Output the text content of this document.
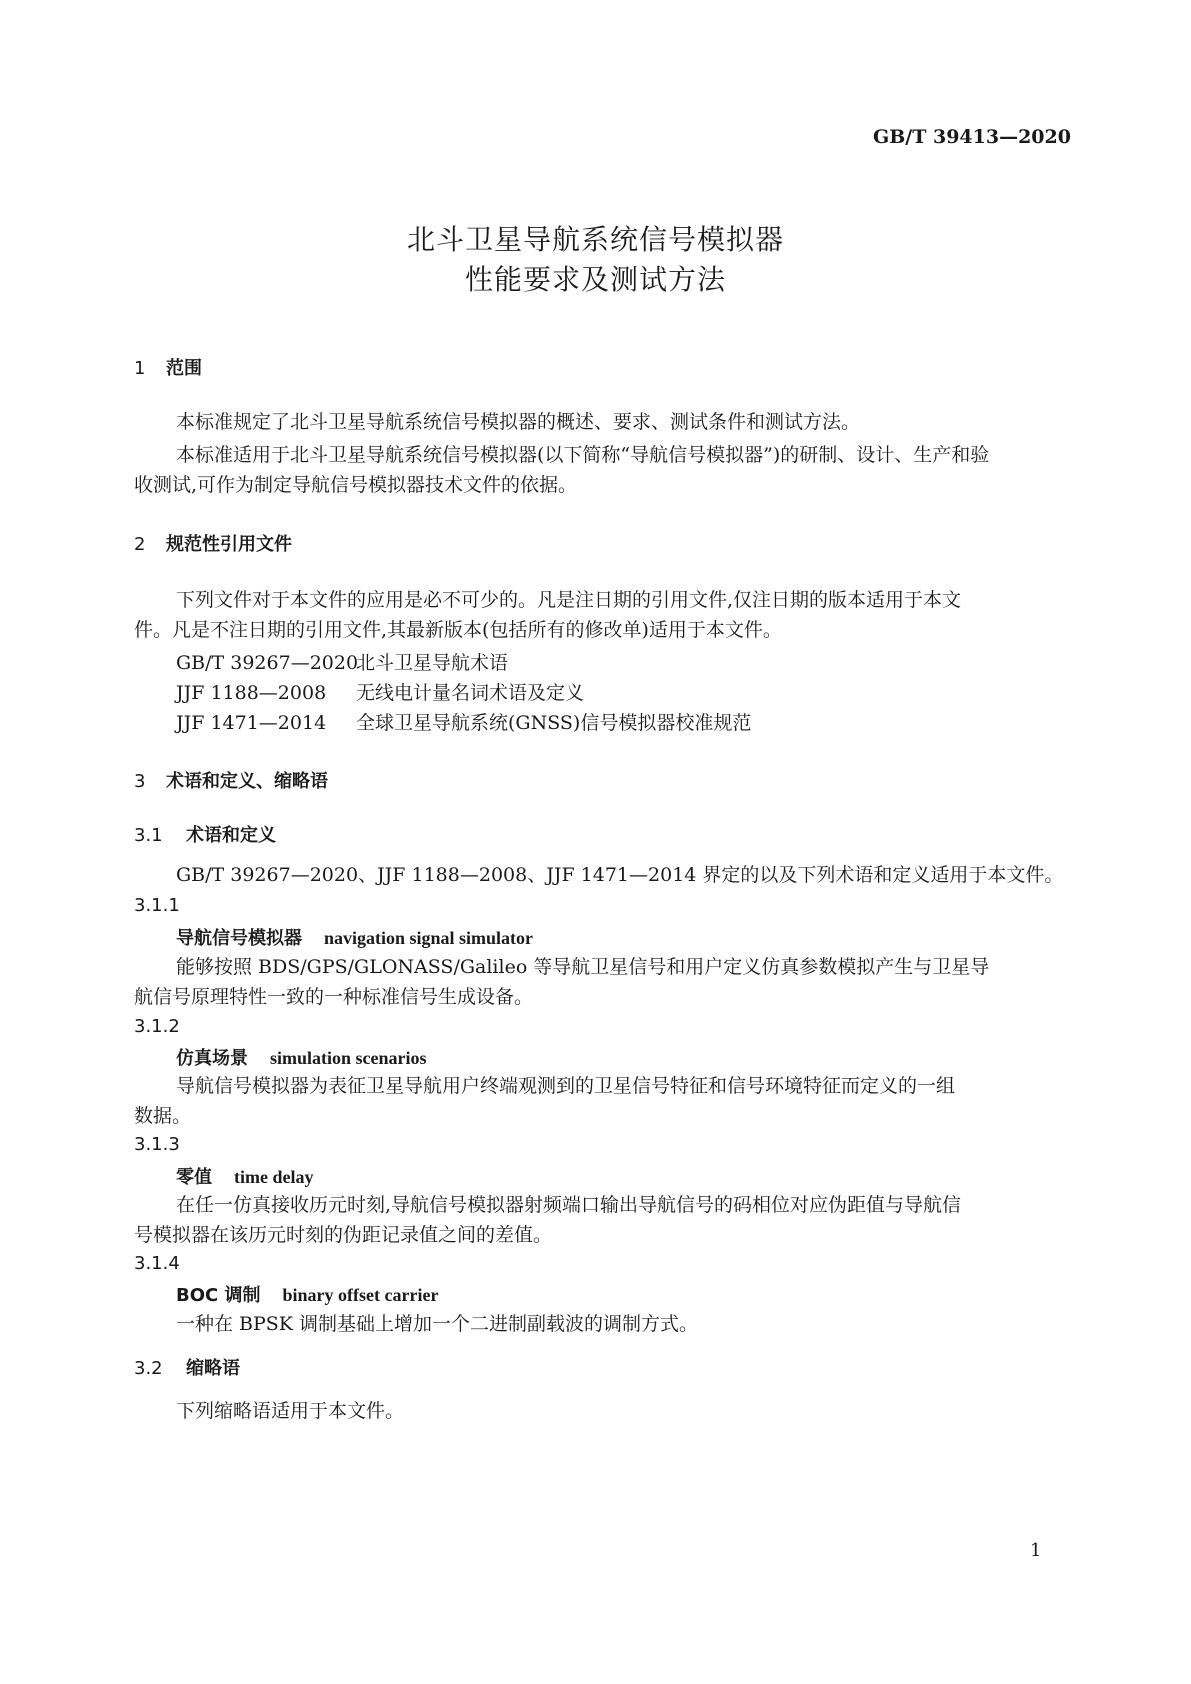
GB/T 39413—2020
北斗卫星导航系统信号模拟器
性能要求及测试方法
1 范围
本标准规定了北斗卫星导航系统信号模拟器的概述、要求、测试条件和测试方法。
本标准适用于北斗卫星导航系统信号模拟器(以下简称“导航信号模拟器”)的研制、设计、生产和验
收测试,可作为制定导航信号模拟器技术文件的依据。
2 规范性引用文件
下列文件对于本文件的应用是必不可少的。凡是注日期的引用文件,仅注日期的版本适用于本文
件。凡是不注日期的引用文件,其最新版本(包括所有的修改单)适用于本文件。
GB/T 39267—2020北斗卫星导航术语
JJF 1188—2008 无线电计量名词术语及定义
JJF 1471—2014 全球卫星导航系统(GNSS)信号模拟器校准规范
3 术语和定义、缩略语
3.1 术语和定义
GB/T 39267—2020、JJF 1188—2008、JJF 1471—2014 界定的以及下列术语和定义适用于本文件。
3.1.1
导航信号模拟器 navigation signal simulator
能够按照 BDS/GPS/GLONASS/Galileo 等导航卫星信号和用户定义仿真参数模拟产生与卫星导
航信号原理特性一致的一种标准信号生成设备。
3.1.2
仿真场景 simulation scenarios
导航信号模拟器为表征卫星导航用户终端观测到的卫星信号特征和信号环境特征而定义的一组
数据。
3.1.3
零值 time delay
在任一仿真接收历元时刻,导航信号模拟器射频端口输出导航信号的码相位对应伪距值与导航信
号模拟器在该历元时刻的伪距记录值之间的差值。
3.1.4
BOC 调制 binary offset carrier
一种在 BPSK 调制基础上增加一个二进制副载波的调制方式。
3.2 缩略语
下列缩略语适用于本文件。
1
